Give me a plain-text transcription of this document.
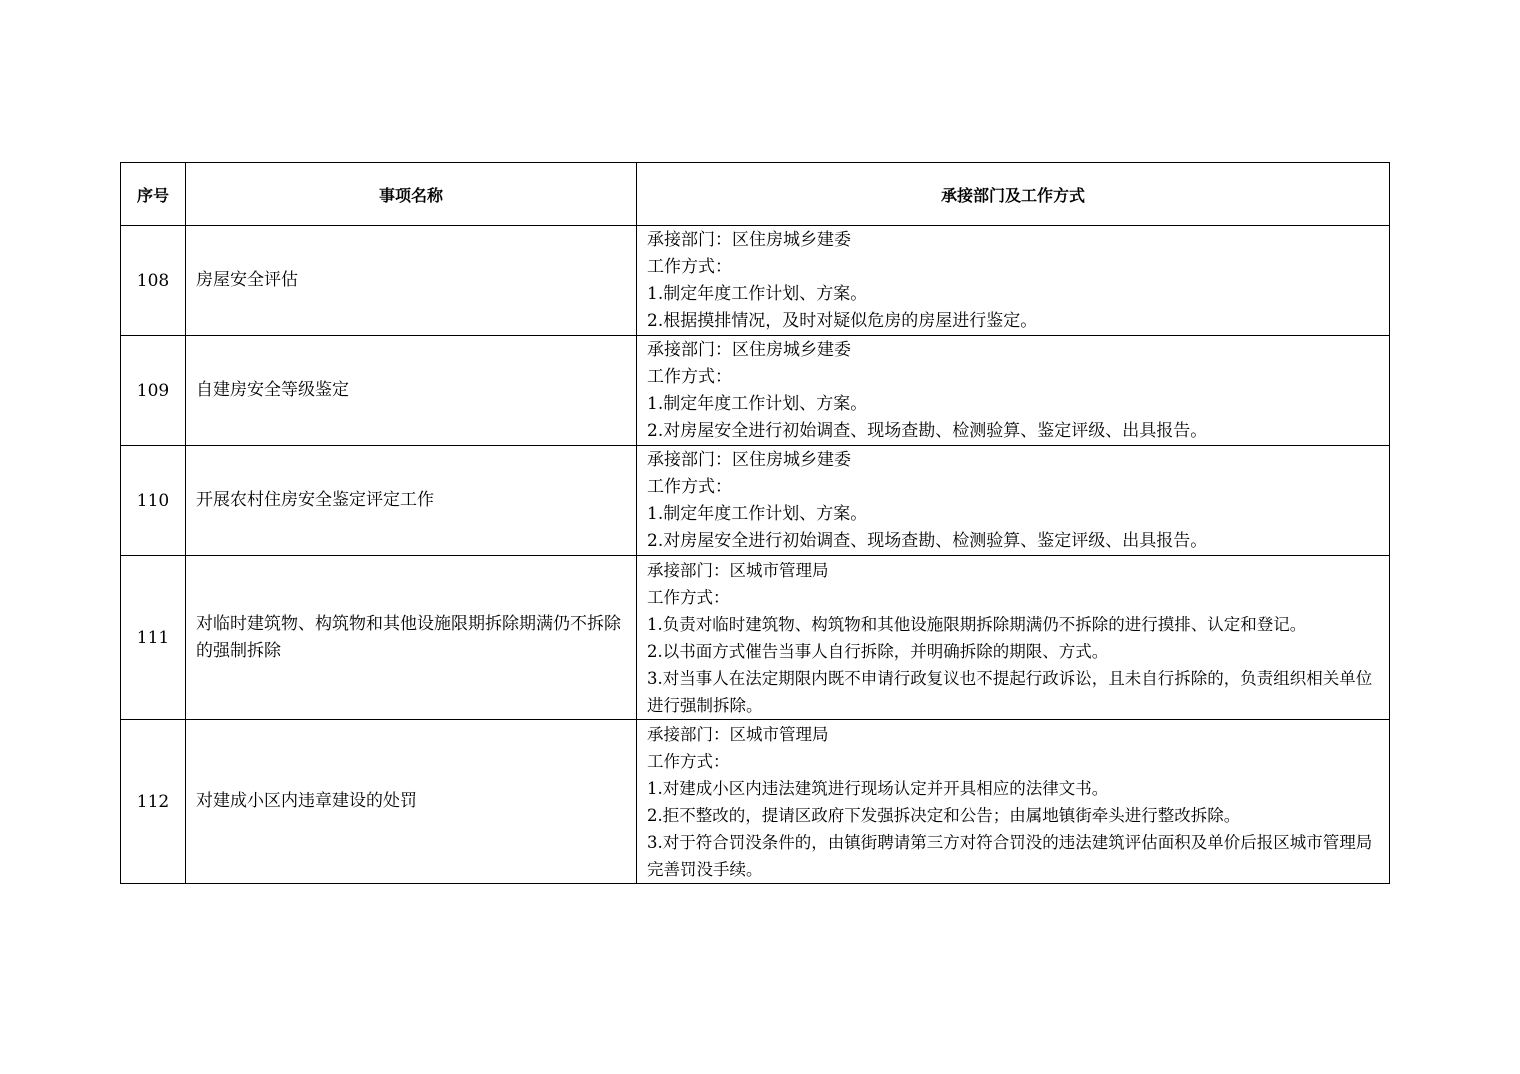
序号	事项名称	承接部门及工作方式
108	房屋安全评估	承接部门：区住房城乡建委
工作方式：
1.制定年度工作计划、方案。
2.根据摸排情况，及时对疑似危房的房屋进行鉴定。

109	自建房安全等级鉴定	承接部门：区住房城乡建委
工作方式：
1.制定年度工作计划、方案。
2.对房屋安全进行初始调查、现场查勘、检测验算、鉴定评级、出具报告。

110	开展农村住房安全鉴定评定工作	承接部门：区住房城乡建委
工作方式：
1.制定年度工作计划、方案。
2.对房屋安全进行初始调查、现场查勘、检测验算、鉴定评级、出具报告。

111	对临时建筑物、构筑物和其他设施限期拆除期满仍不拆除的强制拆除	承接部门：区城市管理局
工作方式：
1.负责对临时建筑物、构筑物和其他设施限期拆除期满仍不拆除的进行摸排、认定和登记。
2.以书面方式催告当事人自行拆除，并明确拆除的期限、方式。
3.对当事人在法定期限内既不申请行政复议也不提起行政诉讼，且未自行拆除的，负责组织相关单位进行强制拆除。

112	对建成小区内违章建设的处罚	承接部门：区城市管理局
工作方式：
1.对建成小区内违法建筑进行现场认定并开具相应的法律文书。
2.拒不整改的，提请区政府下发强拆决定和公告；由属地镇街牵头进行整改拆除。
3.对于符合罚没条件的，由镇街聘请第三方对符合罚没的违法建筑评估面积及单价后报区城市管理局完善罚没手续。
